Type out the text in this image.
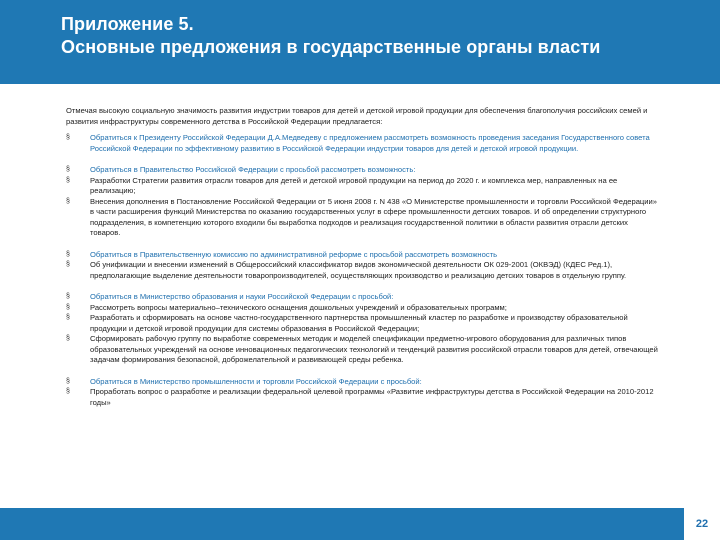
Приложение 5.
Основные предложения в государственные органы власти
Отмечая высокую социальную значимость развития индустрии товаров для детей и детской игровой продукции для обеспечения благополучия российских семей и развития инфраструктуры современного детства в Российской Федерации предлагается:
§	Обратиться к Президенту Российской Федерации Д.А.Медведеву с предложением рассмотреть возможность проведения заседания Государственного совета Российской Федерации по эффективному развитию в Российской Федерации индустрии товаров для детей и детской игровой продукции.
§	Обратиться в Правительство Российской Федерации с просьбой рассмотреть возможность:
§	Разработки Стратегии развития отрасли товаров для детей и детской игровой продукции на период до 2020 г. и комплекса мер, направленных на ее реализацию;
§	Внесения дополнения в Постановление Российской Федерации от 5 июня 2008 г. N 438 «О Министерстве промышленности и торговли Российской Федерации» в части расширения функций Министерства по оказанию государственных услуг в сфере промышленности детских товаров. И об определении структурного подразделения, в компетенцию которого входили бы выработка подходов и реализация государственной политики в области развития отрасли детских товаров.
§	Обратиться в Правительственную комиссию по административной реформе с просьбой рассмотреть возможность
§	Об унификации и внесении изменений в Общероссийский классификатор видов экономической деятельности ОК 029-2001 (ОКВЭД) (КДЕС Ред.1), предполагающие выделение деятельности товаропроизводителей, осуществляющих производство и реализацию детских товаров в отдельную группу.
§	Обратиться в Министерство образования и науки Российской Федерации с просьбой:
§	Рассмотреть вопросы материально–технического оснащения дошкольных учреждений и образовательных программ;
§	Разработать и сформировать на основе частно-государственного партнерства промышленный кластер по разработке и производству образовательной продукции и детской игровой продукции для системы образования в Российской Федерации;
§	Сформировать рабочую группу по выработке современных методик и моделей спецификации предметно-игрового оборудования для различных типов образовательных учреждений на основе инновационных педагогических технологий и тенденций развития российской отрасли товаров для детей, отвечающей задачам формирования безопасной, доброжелательной и развивающей среды ребенка.
§	Обратиться в Министерство промышленности и торговли Российской Федерации с просьбой:
§	Проработать вопрос о разработке и реализации федеральной целевой программы «Развитие инфраструктуры детства в Российской Федерации на 2010-2012 годы»
22
